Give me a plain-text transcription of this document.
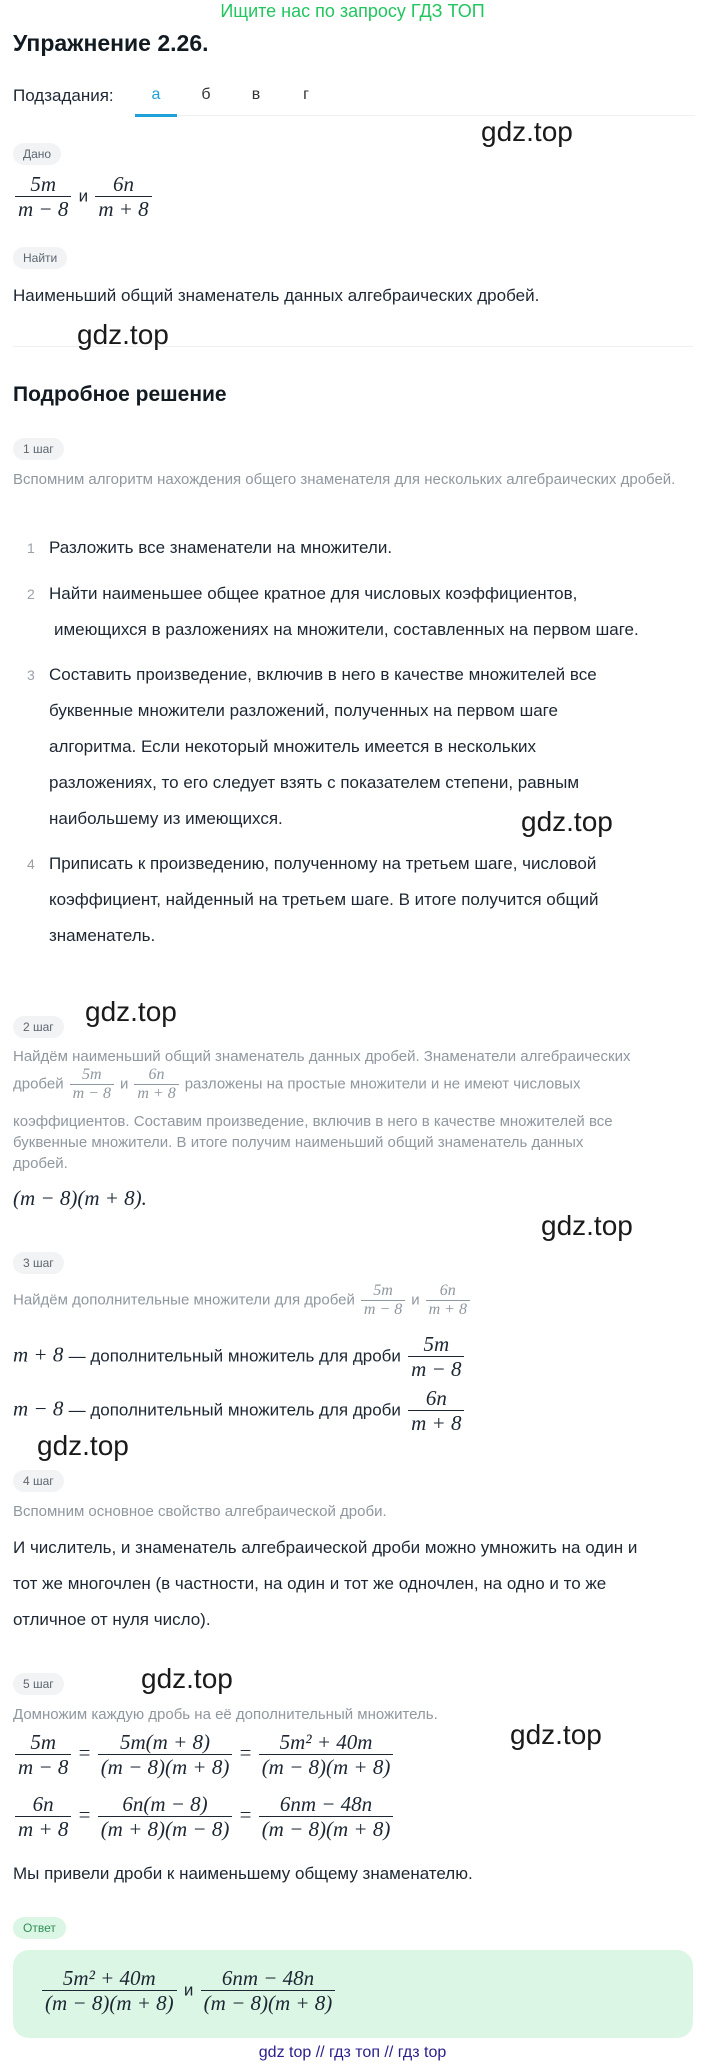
Ищите нас по запросу ГДЗ ТОП
Упражнение 2.26.
Подзадания:	а	б	в	г
Дано
$\frac{5m}{m - 8}$ и $\frac{6n}{m + 8}$
Найти
Наименьший общий знаменатель данных алгебраических дробей.
Подробное решение
1 шаг
Вспомним алгоритм нахождения общего знаменателя для нескольких алгебраических дробей.
1 Разложить все знаменатели на множители.
2 Найти наименьшее общее кратное для числовых коэффициентов,
имеющихся в разложениях на множители, составленных на первом шаге.
3 Составить произведение, включив в него в качестве множителей все
буквенные множители разложений, полученных на первом шаге
алгоритма. Если некоторый множитель имеется в нескольких
разложениях, то его следует взять с показателем степени, равным
наибольшему из имеющихся.
4 Приписать к произведению, полученному на третьем шаге, числовой
коэффициент, найденный на третьем шаге. В итоге получится общий
знаменатель.
2 шаг
Найдём наименьший общий знаменатель данных дробей. Знаменатели алгебраических
дробей $\frac{5m}{m - 8}$ и $\frac{6n}{m + 8}$ разложены на простые множители и не имеют числовых
коэффициентов. Составим произведение, включив в него в качестве множителей все
буквенные множители. В итоге получим наименьший общий знаменатель данных
дробей.
(m − 8)(m + 8).
3 шаг
Найдём дополнительные множители для дробей $\frac{5m}{m - 8}$ и $\frac{6n}{m + 8}$
m + 8 — дополнительный множитель для дроби $\frac{5m}{m - 8}$
m − 8 — дополнительный множитель для дроби $\frac{6n}{m + 8}$
4 шаг
Вспомним основное свойство алгебраической дроби.
И числитель, и знаменатель алгебраической дроби можно умножить на один и
тот же многочлен (в частности, на один и тот же одночлен, на одно и то же
отличное от нуля число).
5 шаг
Домножим каждую дробь на её дополнительный множитель.
$\frac{5m}{m - 8} = \frac{5m(m + 8)}{(m - 8)(m + 8)} = \frac{\text{5m² + 40m}}{(m - 8)(m + 8)}$
$\frac{6n}{m + 8} = \frac{6n(m - 8)}{(m + 8)(m - 8)} = \frac{6nm - 48n}{(m - 8)(m + 8)}$
Мы привели дроби к наименьшему общему знаменателю.
Ответ
$\frac{\text{5m² + 40m}}{(m - 8)(m + 8)}$ и $\frac{6nm - 48n}{(m - 8)(m + 8)}$
gdz.top
gdz.top
gdz.top
gdz.top
gdz.top
gdz.top
gdz.top
gdz.top
gdz top // гдз топ // гдз top
